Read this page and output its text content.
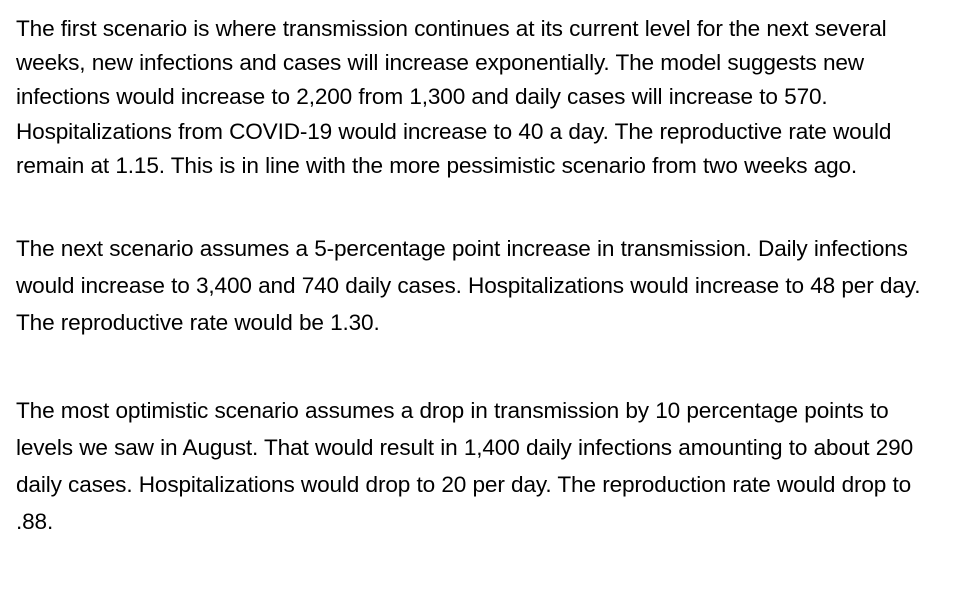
The first scenario is where transmission continues at its current level for the next several weeks, new infections and cases will increase exponentially. The model suggests new infections would increase to 2,200 from 1,300 and daily cases will increase to 570. Hospitalizations from COVID-19 would increase to 40 a day. The reproductive rate would remain at 1.15. This is in line with the more pessimistic scenario from two weeks ago.

The next scenario assumes a 5-percentage point increase in transmission. Daily infections would increase to 3,400 and 740 daily cases. Hospitalizations would increase to 48 per day. The reproductive rate would be 1.30.

The most optimistic scenario assumes a drop in transmission by 10 percentage points to levels we saw in August. That would result in 1,400 daily infections amounting to about 290 daily cases. Hospitalizations would drop to 20 per day. The reproduction rate would drop to .88.
